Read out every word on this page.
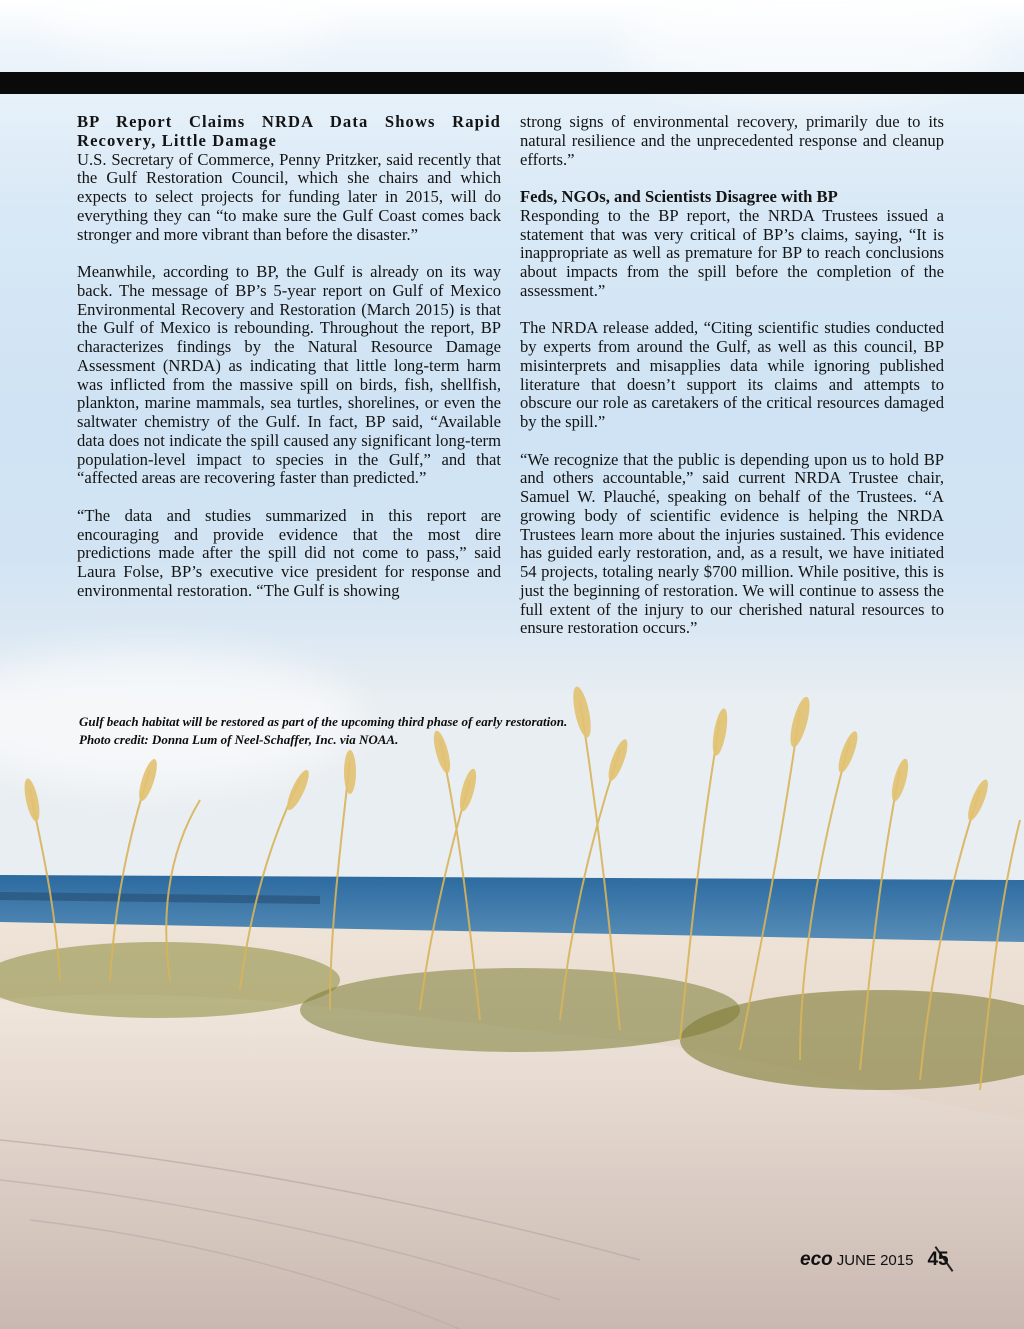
BP Report Claims NRDA Data Shows Rapid Recovery, Little Damage

U.S. Secretary of Commerce, Penny Pritzker, said recently that the Gulf Restoration Council, which she chairs and which expects to select projects for funding later in 2015, will do everything they can “to make sure the Gulf Coast comes back stronger and more vibrant than before the disaster.”

Meanwhile, according to BP, the Gulf is already on its way back. The message of BP’s 5-year report on Gulf of Mexico Environmental Recovery and Restoration (March 2015) is that the Gulf of Mexico is rebounding. Throughout the report, BP characterizes findings by the Natural Resource Damage Assessment (NRDA) as indicating that little long-term harm was inflicted from the massive spill on birds, fish, shellfish, plankton, marine mammals, sea turtles, shorelines, or even the saltwater chemistry of the Gulf. In fact, BP said, “Available data does not indicate the spill caused any significant long-term population-level impact to species in the Gulf,” and that “affected areas are recovering faster than predicted.”

“The data and studies summarized in this report are encouraging and provide evidence that the most dire predictions made after the spill did not come to pass,” said Laura Folse, BP’s executive vice president for response and environmental restoration. “The Gulf is showing

strong signs of environmental recovery, primarily due to its natural resilience and the unprecedented response and cleanup efforts.”

Feds, NGOs, and Scientists Disagree with BP

Responding to the BP report, the NRDA Trustees issued a statement that was very critical of BP’s claims, saying, “It is inappropriate as well as premature for BP to reach conclusions about impacts from the spill before the completion of the assessment.”

The NRDA release added, “Citing scientific studies conducted by experts from around the Gulf, as well as this council, BP misinterprets and misapplies data while ignoring published literature that doesn’t support its claims and attempts to obscure our role as caretakers of the critical resources damaged by the spill.”

“We recognize that the public is depending upon us to hold BP and others accountable,” said current NRDA Trustee chair, Samuel W. Plauché, speaking on behalf of the Trustees. “A growing body of scientific evidence is helping the NRDA Trustees learn more about the injuries sustained. This evidence has guided early restoration, and, as a result, we have initiated 54 projects, totaling nearly $700 million. While positive, this is just the beginning of restoration. We will continue to assess the full extent of the injury to our cherished natural resources to ensure restoration occurs.”

Gulf beach habitat will be restored as part of the upcoming third phase of early restoration. Photo credit: Donna Lum of Neel-Schaffer, Inc. via NOAA.
eco JUNE 2015 45
